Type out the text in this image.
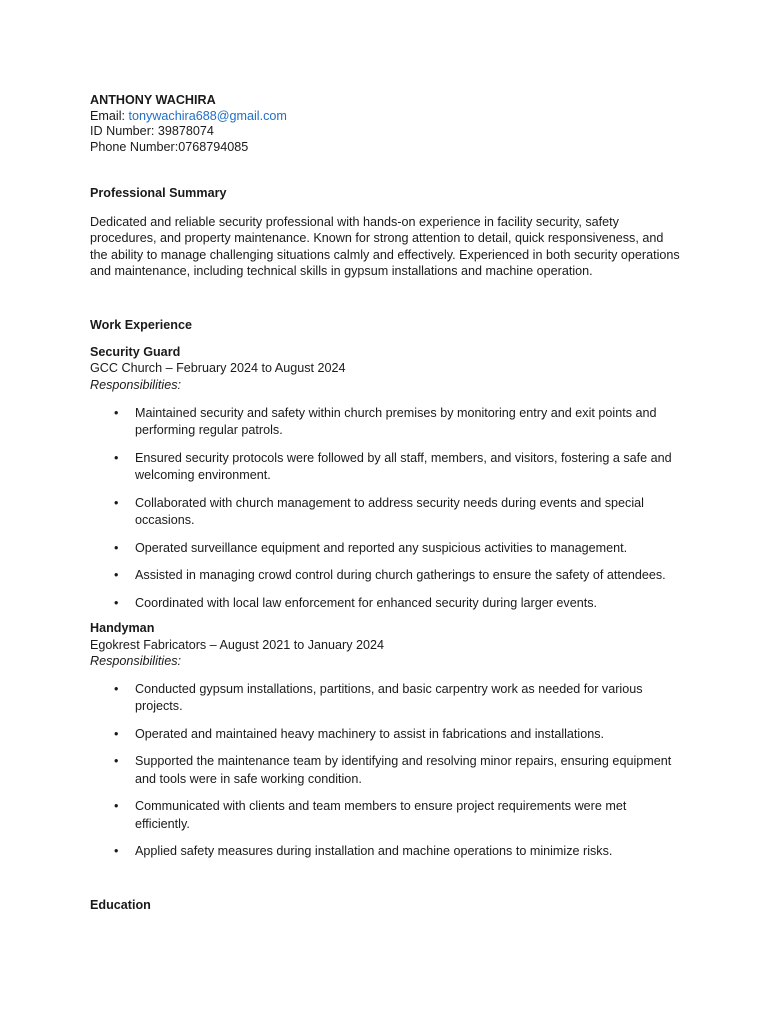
ANTHONY WACHIRA

Email: tonywachira688@gmail.com

ID Number: 39878074

Phone Number:0768794085

Professional Summary

Dedicated and reliable security professional with hands-on experience in facility security, safety procedures, and property maintenance. Known for strong attention to detail, quick responsiveness, and the ability to manage challenging situations calmly and effectively. Experienced in both security operations and maintenance, including technical skills in gypsum installations and machine operation.

Work Experience

Security Guard

GCC Church – February 2024 to August 2024

Responsibilities:

• Maintained security and safety within church premises by monitoring entry and exit points and performing regular patrols.
• Ensured security protocols were followed by all staff, members, and visitors, fostering a safe and welcoming environment.
• Collaborated with church management to address security needs during events and special occasions.
• Operated surveillance equipment and reported any suspicious activities to management.
• Assisted in managing crowd control during church gatherings to ensure the safety of attendees.
• Coordinated with local law enforcement for enhanced security during larger events.

Handyman

Egokrest Fabricators – August 2021 to January 2024

Responsibilities:

• Conducted gypsum installations, partitions, and basic carpentry work as needed for various projects.
• Operated and maintained heavy machinery to assist in fabrications and installations.
• Supported the maintenance team by identifying and resolving minor repairs, ensuring equipment and tools were in safe working condition.
• Communicated with clients and team members to ensure project requirements were met efficiently.
• Applied safety measures during installation and machine operations to minimize risks.

Education
